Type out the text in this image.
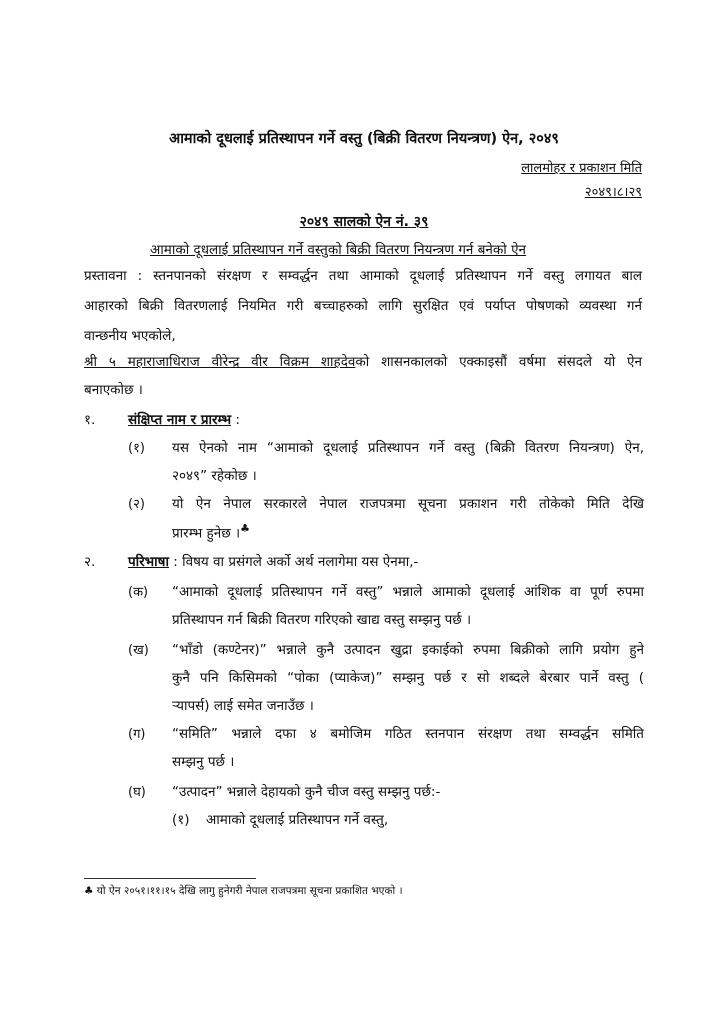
आमाको दूधलाई प्रतिस्थापन गर्ने वस्तु (बिक्री वितरण नियन्त्रण) ऐन, २०४९
लालमोहर र प्रकाशन मिति
२०४९।८।२९
२०४९ सालको ऐन नं. ३९
आमाको दूधलाई प्रतिस्थापन गर्ने वस्तुको बिक्री वितरण नियन्त्रण गर्न बनेको ऐन
प्रस्तावना : स्तनपानको संरक्षण र सम्वर्द्धन तथा आमाको दूधलाई प्रतिस्थापन गर्ने वस्तु लगायत बाल
आहारको बिक्री वितरणलाई नियमित गरी बच्चाहरुको लागि सुरक्षित एवं पर्याप्त पोषणको व्यवस्था गर्न
वान्छनीय भएकोले,
श्री ५ महाराजाधिराज वीरेन्द्र वीर विक्रम शाहदेवको शासनकालको एक्काइसौं वर्षमा संसदले यो ऐन
बनाएकोछ ।
१. संक्षिप्त नाम र प्रारम्भ :
(१) यस ऐनको नाम “आमाको दूधलाई प्रतिस्थापन गर्ने वस्तु (बिक्री वितरण नियन्त्रण) ऐन,
२०४९” रहेकोछ ।
(२) यो ऐन नेपाल सरकारले नेपाल राजपत्रमा सूचना प्रकाशन गरी तोकेको मिति देखि
प्रारम्भ हुनेछ ।♣
२. परिभाषा : विषय वा प्रसंगले अर्को अर्थ नलागेमा यस ऐनमा,-
(क) “आमाको दूधलाई प्रतिस्थापन गर्ने वस्तु” भन्नाले आमाको दूधलाई आंशिक वा पूर्ण रुपमा
प्रतिस्थापन गर्न बिक्री वितरण गरिएको खाद्य वस्तु सम्झनु पर्छ ।
(ख) “भाँडो (कण्टेनर)” भन्नाले कुनै उत्पादन खुद्रा इकाईको रुपमा बिक्रीको लागि प्रयोग हुने
कुनै पनि किसिमको “पोका (प्याकेज)” सम्झनु पर्छ र सो शब्दले बेरबार पार्ने वस्तु (
र्‍यापर्स) लाई समेत जनाउँछ ।
(ग) “समिति” भन्नाले दफा ४ बमोजिम गठित स्तनपान संरक्षण तथा सम्वर्द्धन समिति
सम्झनु पर्छ ।
(घ) “उत्पादन” भन्नाले देहायको कुनै चीज वस्तु सम्झनु पर्छ:-
(१) आमाको दूधलाई प्रतिस्थापन गर्ने वस्तु,
♣ यो ऐन २०५१।११।१५ देखि लागु हुनेगरी नेपाल राजपत्रमा सूचना प्रकाशित भएको ।
